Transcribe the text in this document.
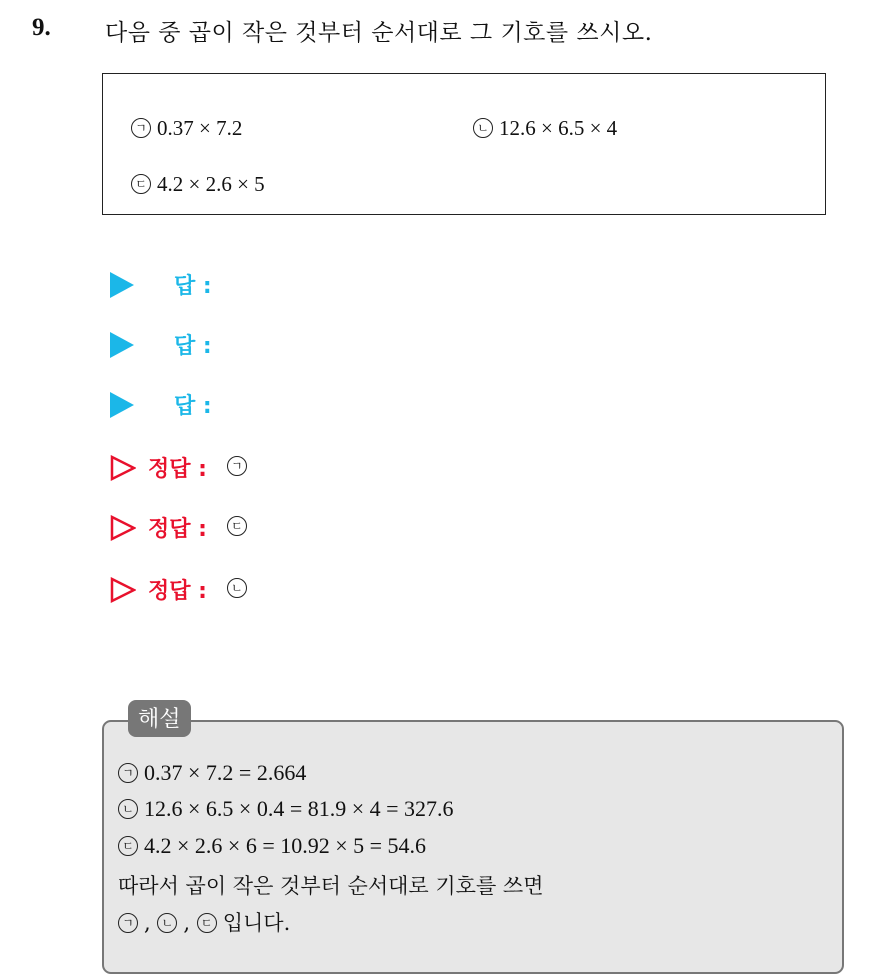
9. 다음 중 곱이 작은 것부터 순서대로 그 기호를 쓰시오.
ㄱ 0.37 × 7.2	ㄴ 12.6 × 6.5 × 4
ㄷ 4.2 × 2.6 × 5
답 :
답 :
답 :
정답 :	ㄱ
정답 :	ㄷ
정답 :	ㄴ
해설
ㄱ 0.37 × 7.2 = 2.664
ㄴ 12.6 × 6.5 × 0.4 = 81.9 × 4 = 327.6
ㄷ 4.2 × 2.6 × 6 = 10.92 × 5 = 54.6
따라서 곱이 작은 것부터 순서대로 기호를 쓰면
ㄱ , ㄴ , ㄷ 입니다.
